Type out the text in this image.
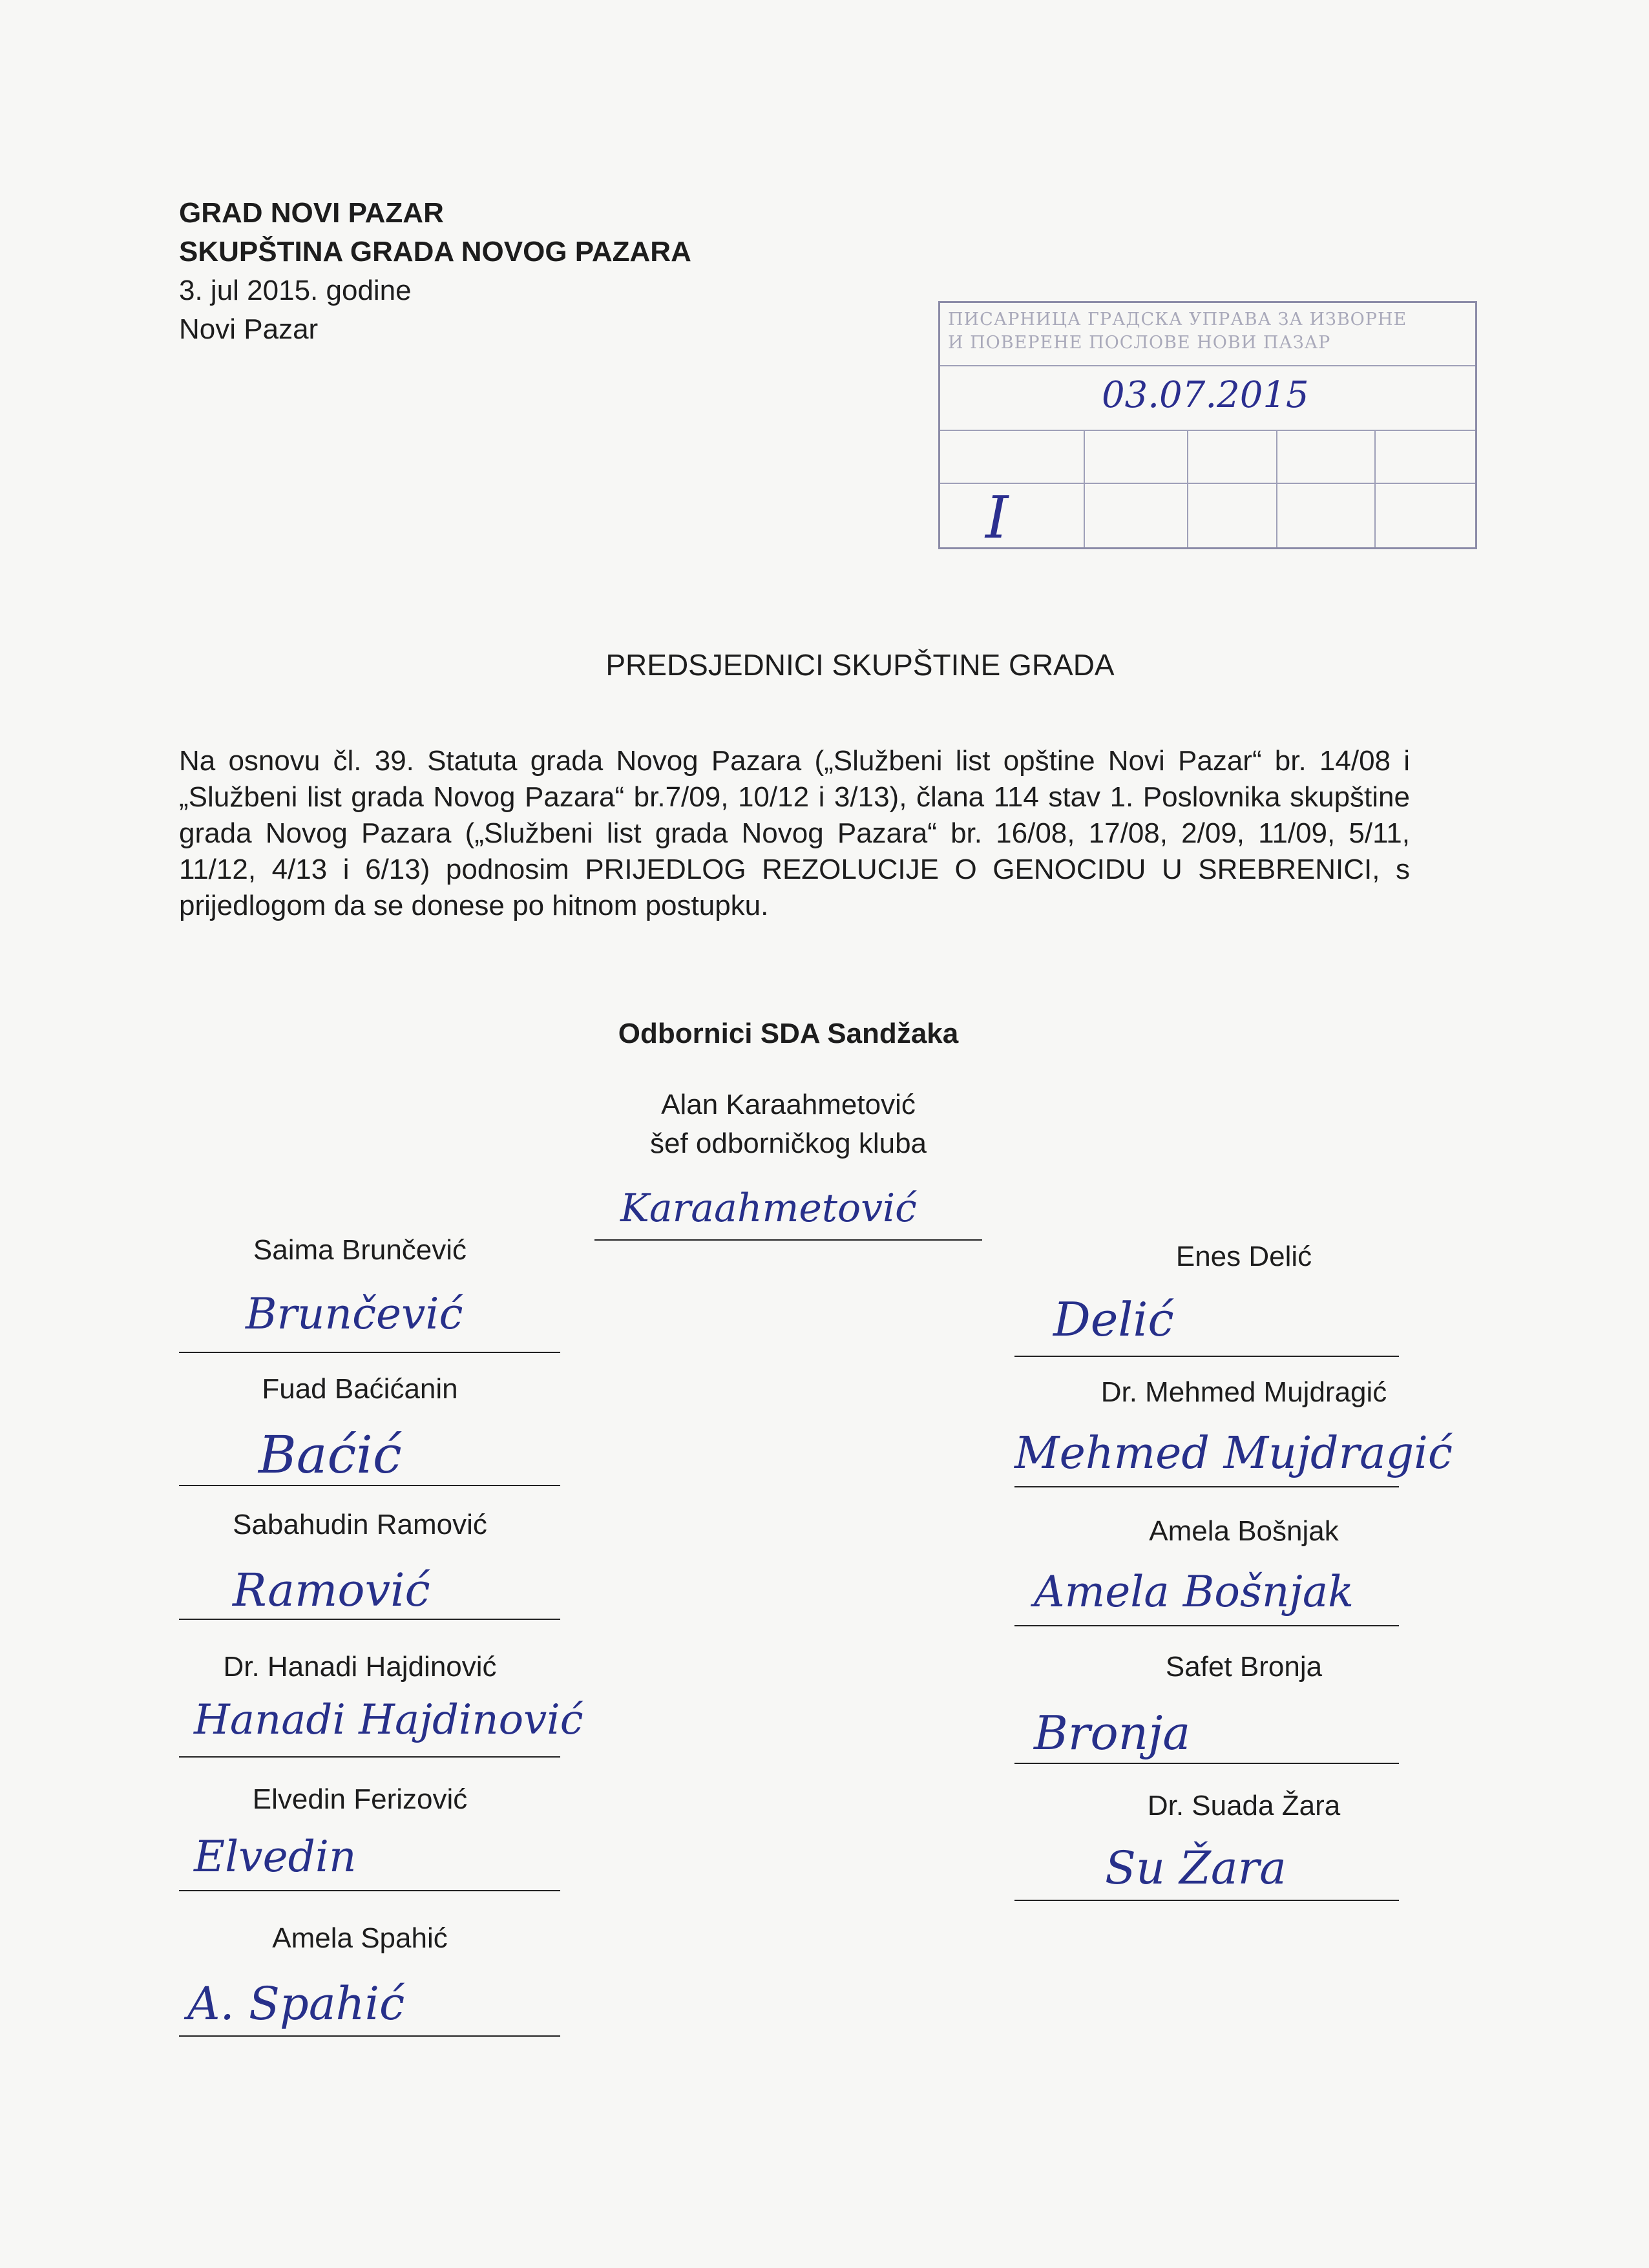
GRAD NOVI PAZAR
SKUPŠTINA GRADA NOVOG PAZARA
3. jul 2015. godine
Novi Pazar	ПИСАРНИЦА ГРАДСКА УПРАВА ЗА ИЗВОРНЕ
И ПОВЕРЕНЕ ПОСЛОВЕ НОВИ ПАЗАР
03.07.2015
I
PREDSJEDNICI SKUPŠTINE GRADA
Na osnovu čl. 39. Statuta grada Novog Pazara („Službeni list opštine Novi Pazar“ br. 14/08 i „Službeni list grada Novog Pazara“ br.7/09, 10/12 i 3/13), člana 114 stav 1. Poslovnika skupštine grada Novog Pazara („Službeni list grada Novog Pazara“ br. 16/08, 17/08, 2/09, 11/09, 5/11, 11/12, 4/13 i 6/13) podnosim PRIJEDLOG REZOLUCIJE O GENOCIDU U SREBRENICI, s prijedlogom da se donese po hitnom postupku.
Odbornici SDA Sandžaka
Alan Karaahmetović
šef odborničkog kluba
Karaahmetović
Saima Brunčević
Brunčević
Fuad Baćićanin
Baćić
Sabahudin Ramović
Ramović
Dr. Hanadi Hajdinović
Hanadi Hajdinović
Elvedin Ferizović
Elvedin
Amela Spahić
A. Spahić
Enes Delić
Delić
Dr. Mehmed Mujdragić
Mehmed Mujdragić
Amela Bošnjak
Amela Bošnjak
Safet Bronja
Bronja
Dr. Suada Žara
Su Žara
